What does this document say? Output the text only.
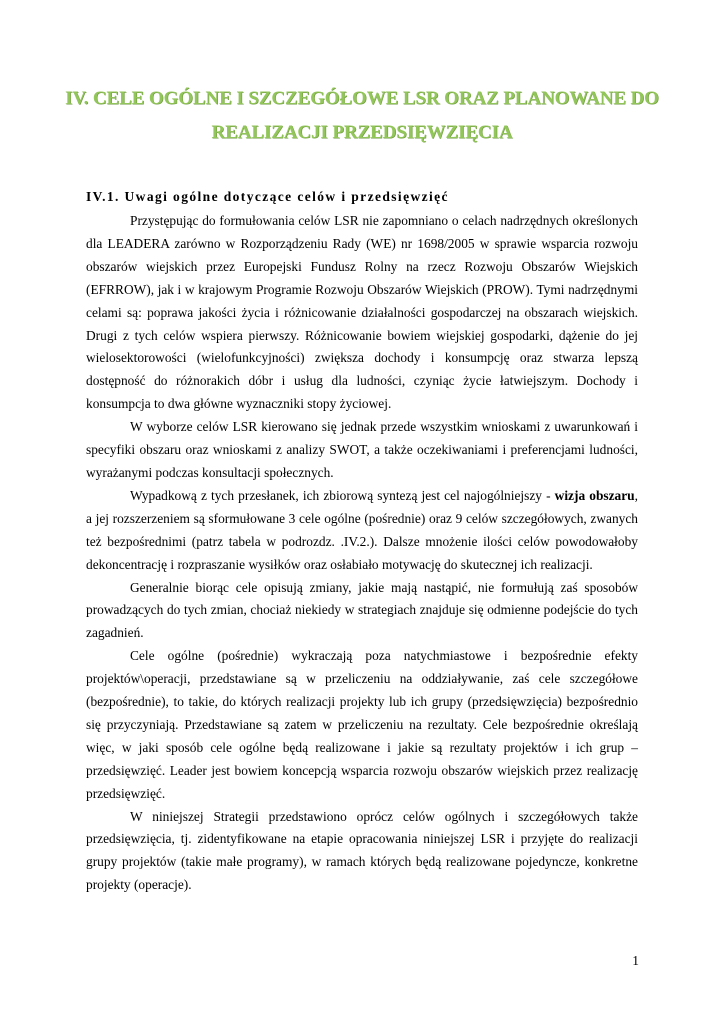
IV. CELE OGÓLNE I SZCZEGÓŁOWE LSR ORAZ PLANOWANE DO
REALIZACJI PRZEDSIĘWZIĘCIA
IV.1. Uwagi ogólne dotyczące celów i przedsięwzięć

Przystępując do formułowania celów LSR nie zapomniano o celach nadrzędnych określonych dla LEADERA zarówno w Rozporządzeniu Rady (WE) nr 1698/2005 w sprawie wsparcia rozwoju obszarów wiejskich przez Europejski Fundusz Rolny na rzecz Rozwoju Obszarów Wiejskich (EFRROW), jak i w krajowym Programie Rozwoju Obszarów Wiejskich (PROW). Tymi nadrzędnymi celami są: poprawa jakości życia i różnicowanie działalności gospodarczej na obszarach wiejskich. Drugi z tych celów wspiera pierwszy. Różnicowanie bowiem wiejskiej gospodarki, dążenie do jej wielosektorowości (wielofunkcyjności) zwiększa dochody i konsumpcję oraz stwarza lepszą dostępność do różnorakich dóbr i usług dla ludności, czyniąc życie łatwiejszym. Dochody i konsumpcja to dwa główne wyznaczniki stopy życiowej.

W wyborze celów LSR kierowano się jednak przede wszystkim wnioskami z uwarunkowań i specyfiki obszaru oraz wnioskami z analizy SWOT, a także oczekiwaniami i preferencjami ludności, wyrażanymi podczas konsultacji społecznych.

Wypadkową z tych przesłanek, ich zbiorową syntezą jest cel najogólniejszy - wizja obszaru, a jej rozszerzeniem są sformułowane 3 cele ogólne (pośrednie) oraz 9 celów szczegółowych, zwanych też bezpośrednimi (patrz tabela w podrozdz. .IV.2.). Dalsze mnożenie ilości celów powodowałoby dekoncentrację i rozpraszanie wysiłków oraz osłabiało motywację do skutecznej ich realizacji.

Generalnie biorąc cele opisują zmiany, jakie mają nastąpić, nie formułują zaś sposobów prowadzących do tych zmian, chociaż niekiedy w strategiach znajduje się odmienne podejście do tych zagadnień.

Cele ogólne (pośrednie) wykraczają poza natychmiastowe i bezpośrednie efekty projektów\operacji, przedstawiane są w przeliczeniu na oddziaływanie, zaś cele szczegółowe (bezpośrednie), to takie, do których realizacji projekty lub ich grupy (przedsięwzięcia) bezpośrednio się przyczyniają. Przedstawiane są zatem w przeliczeniu na rezultaty. Cele bezpośrednie określają więc, w jaki sposób cele ogólne będą realizowane i jakie są rezultaty projektów i ich grup – przedsięwzięć. Leader jest bowiem koncepcją wsparcia rozwoju obszarów wiejskich przez realizację przedsięwzięć.

W niniejszej Strategii przedstawiono oprócz celów ogólnych i szczegółowych także przedsięwzięcia, tj. zidentyfikowane na etapie opracowania niniejszej LSR i przyjęte do realizacji grupy projektów (takie małe programy), w ramach których będą realizowane pojedyncze, konkretne projekty (operacje).

1
